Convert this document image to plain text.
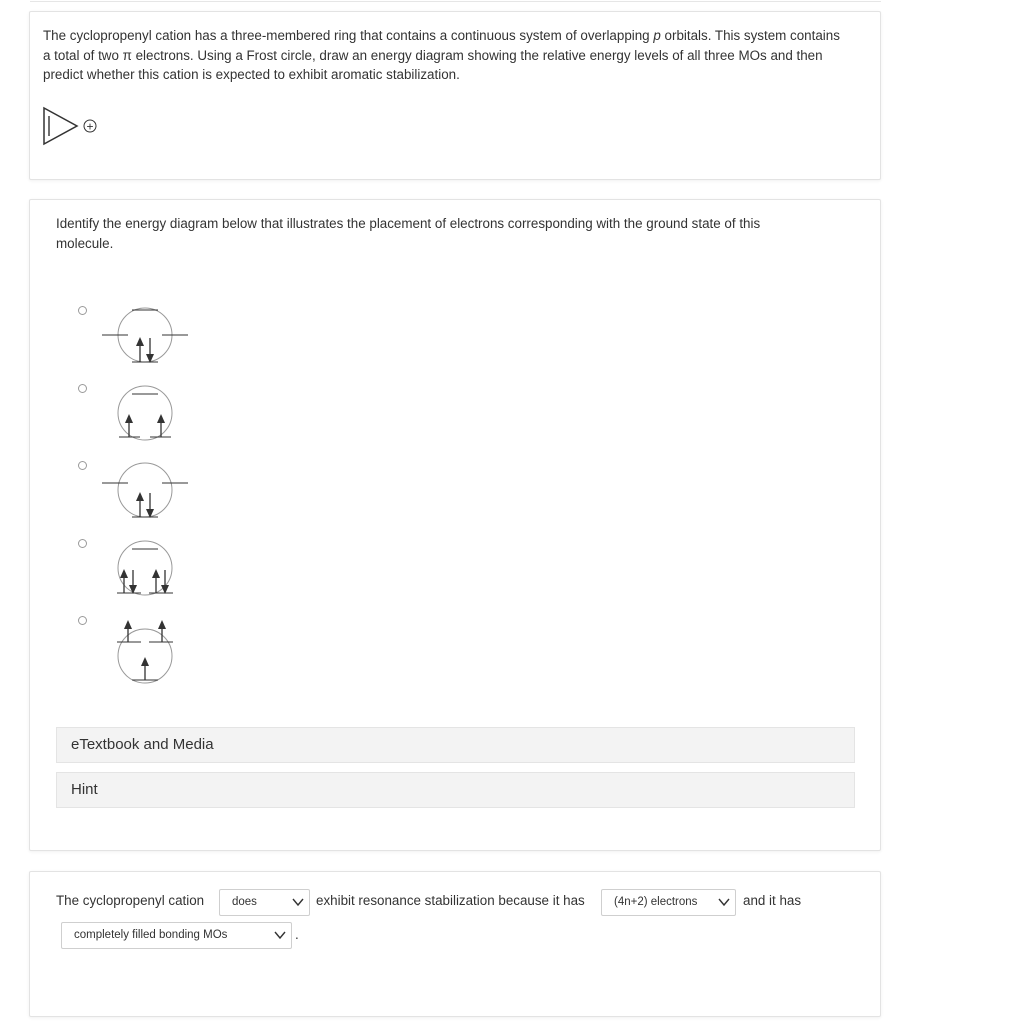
The cyclopropenyl cation has a three-membered ring that contains a continuous system of overlapping p orbitals. This system contains
a total of two π electrons. Using a Frost circle, draw an energy diagram showing the relative energy levels of all three MOs and then
predict whether this cation is expected to exhibit aromatic stabilization.
+
Identify the energy diagram below that illustrates the placement of electrons corresponding with the ground state of this
molecule.
eTextbook and Media
Hint
The cyclopropenyl cation	does	exhibit resonance stabilization because it has	(4n+2) electrons	and it has
completely filled bonding MOs	.
